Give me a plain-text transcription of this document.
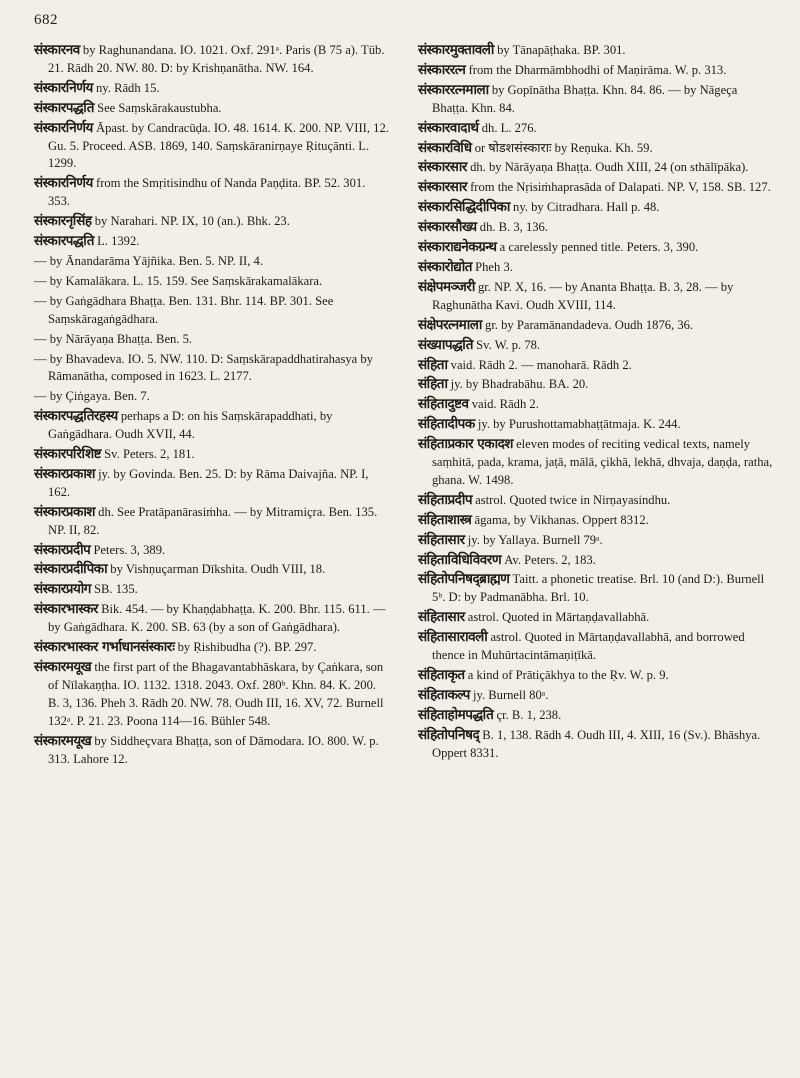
682
संस्कारनव by Raghunandana. IO. 1021. Oxf. 291ᵃ. Paris (B 75 a). Tüb. 21. Rādh 20. NW. 80. D: by Krishṇanātha. NW. 164.
संस्कारनिर्णय ny. Rādh 15.
संस्कारपद्धति See Saṃskārakaustubha.
संस्कारनिर्णय Āpast. by Candracūḍa. IO. 48. 1614. K. 200. NP. VIII, 12. Gu. 5. Proceed. ASB. 1869, 140. Saṃskāranirṇaye Ṛituçānti. L. 1299.
संस्कारनिर्णय from the Smṛitisindhu of Nanda Paṇḍita. BP. 52. 301. 353.
संस्कारनृसिंह by Narahari. NP. IX, 10 (an.). Bhk. 23.
संस्कारपद्धति L. 1392.
— by Ānandarāma Yājñika. Ben. 5. NP. II, 4.
— by Kamalākara. L. 15. 159. See Saṃskārakamalākara.
— by Gaṅgādhara Bhaṭṭa. Ben. 131. Bhr. 114. BP. 301. See Saṃskāragaṅgādhara.
— by Nārāyaṇa Bhaṭṭa. Ben. 5.
— by Bhavadeva. IO. 5. NW. 110. D: Saṃskārapaddhatirahasya by Rāmanātha, composed in 1623. L. 2177.
— by Çiṅgaya. Ben. 7.
संस्कारपद्धतिरहस्य perhaps a D: on his Saṃskārapaddhati, by Gaṅgādhara. Oudh XVII, 44.
संस्कारपरिशिष्ट Sv. Peters. 2, 181.
संस्कारप्रकाश jy. by Govinda. Ben. 25. D: by Rāma Daivajña. NP. I, 162.
संस्कारप्रकाश dh. See Pratāpanārasiṁha. — by Mitramiçra. Ben. 135. NP. II, 82.
संस्कारप्रदीप Peters. 3, 389.
संस्कारप्रदीपिका by Vishṇuçarman Dīkshita. Oudh VIII, 18.
संस्कारप्रयोग SB. 135.
संस्कारभास्कर Bik. 454. — by Khaṇḍabhaṭṭa. K. 200. Bhr. 115. 611. — by Gaṅgādhara. K. 200. SB. 63 (by a son of Gaṅgādhara).
संस्कारभास्कर गर्भाधानसंस्कारः by Ṛishibudha (?). BP. 297.
संस्कारमयूख the first part of the Bhagavantabhāskara, by Çaṅkara, son of Nīlakaṇṭha. IO. 1132. 1318. 2043. Oxf. 280ᵇ. Khn. 84. K. 200. B. 3, 136. Pheh 3. Rādh 20. NW. 78. Oudh III, 16. XV, 72. Burnell 132ᵃ. P. 21. 23. Poona 114—16. Bühler 548.
संस्कारमयूख by Siddheçvara Bhaṭṭa, son of Dāmodara. IO. 800. W. p. 313. Lahore 12.
संस्कारमुक्तावली by Tānapāṭhaka. BP. 301.
संस्काररत्न from the Dharmāmbhodhi of Maṇirāma. W. p. 313.
संस्काररत्नमाला by Gopīnātha Bhaṭṭa. Khn. 84. 86. — by Nāgeça Bhaṭṭa. Khn. 84.
संस्कारवादार्थ dh. L. 276.
संस्कारविधि or षोडशसंस्काराः by Reṇuka. Kh. 59.
संस्कारसार dh. by Nārāyaṇa Bhaṭṭa. Oudh XIII, 24 (on sthālīpāka).
संस्कारसार from the Nṛisiṁhaprasāda of Dalapati. NP. V, 158. SB. 127.
संस्कारसिद्धिदीपिका ny. by Citradhara. Hall p. 48.
संस्कारसौख्य dh. B. 3, 136.
संस्काराद्यनेकग्रन्थ a carelessly penned title. Peters. 3, 390.
संस्कारोद्योत Pheh 3.
संक्षेपमञ्जरी gr. NP. X, 16. — by Ananta Bhaṭṭa. B. 3, 28. — by Raghunātha Kavi. Oudh XVIII, 114.
संक्षेपरत्नमाला gr. by Paramānandadeva. Oudh 1876, 36.
संख्यापद्धति Sv. W. p. 78.
संहिता vaid. Rādh 2. — manoharā. Rādh 2.
संहिता jy. by Bhadrabāhu. BA. 20.
संहितादुष्टव vaid. Rādh 2.
संहितादीपक jy. by Purushottamabhaṭṭātmaja. K. 244.
संहिताप्रकार एकादश eleven modes of reciting vedical texts, namely saṃhitā, pada, krama, jaṭā, mālā, çikhā, lekhā, dhvaja, daṇḍa, ratha, ghana. W. 1498.
संहिताप्रदीप astrol. Quoted twice in Nirṇayasindhu.
संहिताशास्त्र āgama, by Vikhanas. Oppert 8312.
संहितासार jy. by Yallaya. Burnell 79ᵃ.
संहिताविधिविवरण Av. Peters. 2, 183.
संहितोपनिषद्ब्राह्मण Taitt. a phonetic treatise. Brl. 10 (and D:). Burnell 5ᵇ. D: by Padmanābha. Brl. 10.
संहितासार astrol. Quoted in Mārtaṇḍavallabhā.
संहितासारावली astrol. Quoted in Mārtaṇḍavallabhā, and borrowed thence in Muhūrtacintāmaṇiṭīkā.
संहिताकृत a kind of Prātiçākhya to the Ṛv. W. p. 9.
संहिताकल्प jy. Burnell 80ᵃ.
संहिताहोमपद्धति çr. B. 1, 238.
संहितोपनिषद् B. 1, 138. Rādh 4. Oudh III, 4. XIII, 16 (Sv.). Bhāshya. Oppert 8331.
